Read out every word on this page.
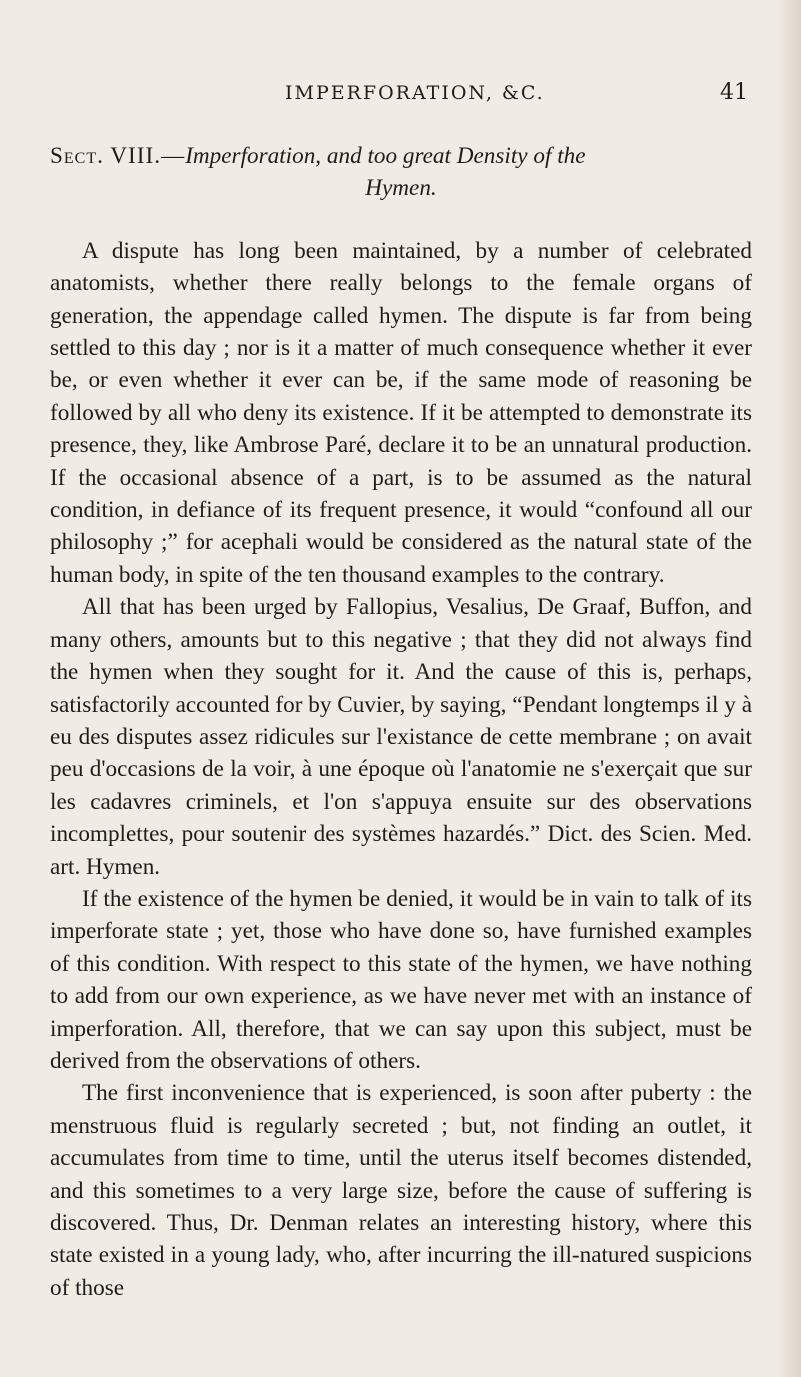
IMPERFORATION, &C.	41

Sect. VIII.—Imperforation, and too great Density of the
Hymen.

A dispute has long been maintained, by a number of celebrated anatomists, whether there really belongs to the female organs of generation, the appendage called hymen. The dispute is far from being settled to this day ; nor is it a matter of much consequence whether it ever be, or even whether it ever can be, if the same mode of reasoning be followed by all who deny its existence. If it be attempted to demonstrate its presence, they, like Ambrose Paré, declare it to be an unnatural production. If the occasional absence of a part, is to be assumed as the natural condition, in defiance of its frequent presence, it would “confound all our philosophy ;” for acephali would be considered as the natural state of the human body, in spite of the ten thousand examples to the contrary.

All that has been urged by Fallopius, Vesalius, De Graaf, Buffon, and many others, amounts but to this negative ; that they did not always find the hymen when they sought for it. And the cause of this is, perhaps, satisfactorily accounted for by Cuvier, by saying, “Pendant longtemps il y à eu des disputes assez ridicules sur l'existance de cette membrane ; on avait peu d'occasions de la voir, à une époque où l'anatomie ne s'exerçait que sur les cadavres criminels, et l'on s'appuya ensuite sur des observations incomplettes, pour soutenir des systèmes hazardés.” Dict. des Scien. Med. art. Hymen.

If the existence of the hymen be denied, it would be in vain to talk of its imperforate state ; yet, those who have done so, have furnished examples of this condition. With respect to this state of the hymen, we have nothing to add from our own experience, as we have never met with an instance of imperforation. All, therefore, that we can say upon this subject, must be derived from the observations of others.

The first inconvenience that is experienced, is soon after puberty : the menstruous fluid is regularly secreted ; but, not finding an outlet, it accumulates from time to time, until the uterus itself becomes distended, and this sometimes to a very large size, before the cause of suffering is discovered. Thus, Dr. Denman relates an interesting history, where this state existed in a young lady, who, after incurring the ill-natured suspicions of those
